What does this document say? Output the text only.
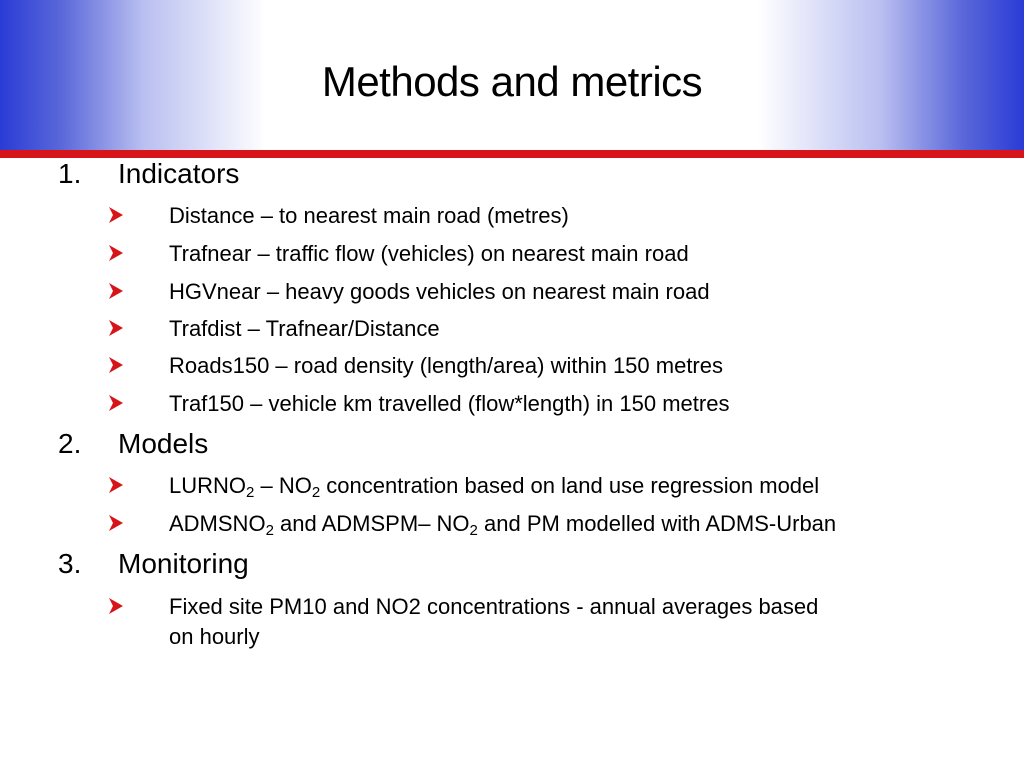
Methods and metrics
1. Indicators
Distance – to nearest main road (metres)
Trafnear – traffic flow (vehicles) on nearest main road
HGVnear – heavy goods vehicles on nearest main road
Trafdist – Trafnear/Distance
Roads150 – road density (length/area) within 150 metres
Traf150 – vehicle km travelled (flow*length) in 150 metres
2. Models
$LURNO_2 - NO_2$ concentration based on land use regression model
$ADMSNO_2$ and ADMSPM– $NO_2$ and PM modelled with ADMS-Urban
3. Monitoring
Fixed site PM10 and NO2 concentrations - annual averages based
on hourly
